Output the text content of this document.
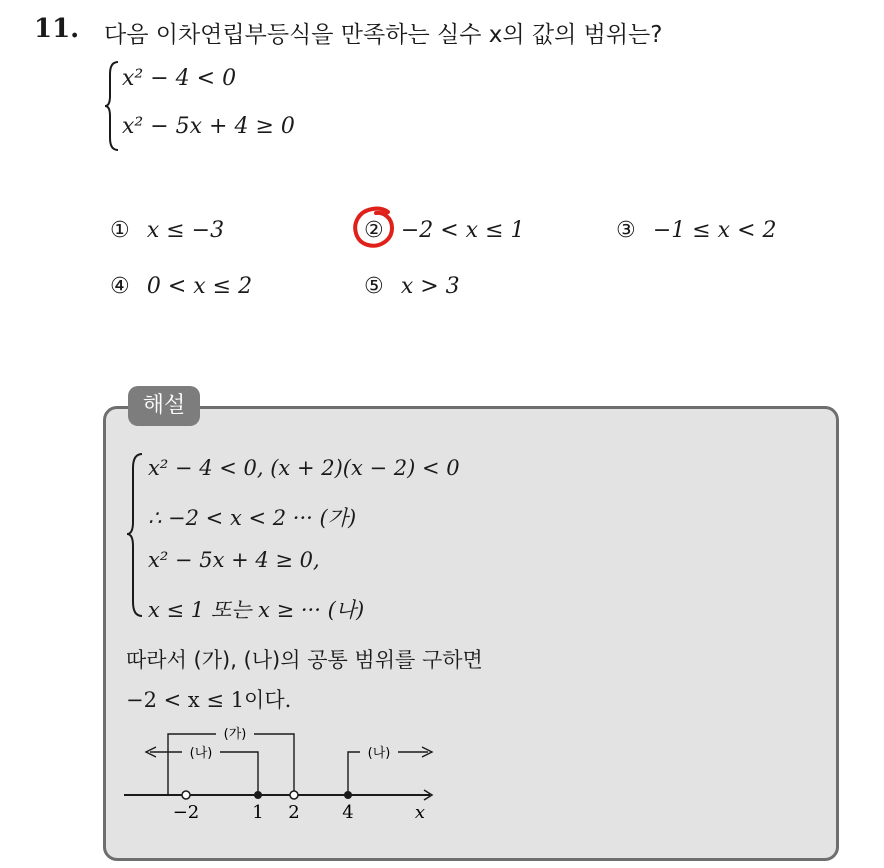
11. 다음 이차연립부등식을 만족하는 실수 x의 값의 범위는?
x² − 4 < 0
x² − 5x + 4 ≥ 0
① x ≤ −3	② −2 < x ≤ 1	③ −1 ≤ x < 2
④ 0 < x ≤ 2	⑤ x > 3
해설
x² − 4 < 0, (x + 2)(x − 2) < 0
∴ −2 < x < 2 ··· (가)
x² − 5x + 4 ≥ 0,
x ≤ 1 또는 x ≥ ··· (나)
따라서 (가), (나)의 공통 범위를 구하면
−2 < x ≤ 1이다.
(가)
(나)	(나)
−2	1 2 4	x
